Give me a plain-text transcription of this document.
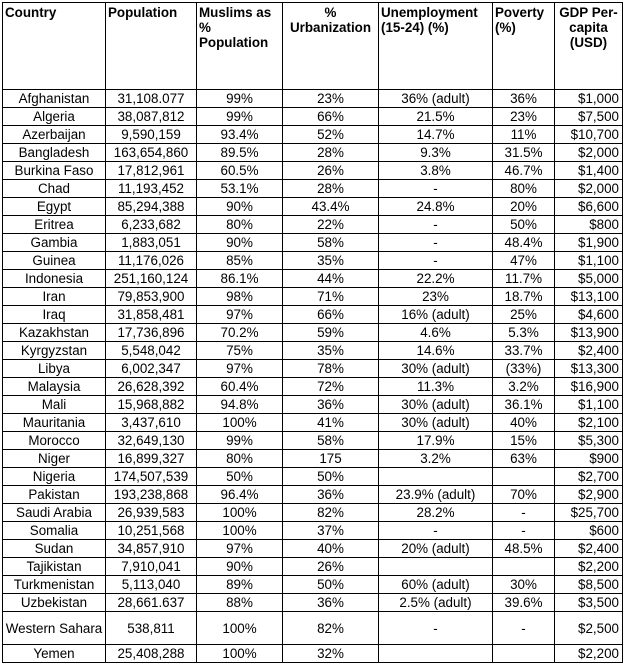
Country	Population	Muslims as % Population	% Urbanization	Unemployment (15-24) (%)	Poverty (%)	GDP Per-capita (USD)
Afghanistan	31,108.077	99%	23%	36% (adult)	36%	$1,000
Algeria	38,087,812	99%	66%	21.5%	23%	$7,500
Azerbaijan	9,590,159	93.4%	52%	14.7%	11%	$10,700
Bangladesh	163,654,860	89.5%	28%	9.3%	31.5%	$2,000
Burkina Faso	17,812,961	60.5%	26%	3.8%	46.7%	$1,400
Chad	11,193,452	53.1%	28%	-	80%	$2,000
Egypt	85,294,388	90%	43.4%	24.8%	20%	$6,600
Eritrea	6,233,682	80%	22%	-	50%	$800
Gambia	1,883,051	90%	58%	-	48.4%	$1,900
Guinea	11,176,026	85%	35%	-	47%	$1,100
Indonesia	251,160,124	86.1%	44%	22.2%	11.7%	$5,000
Iran	79,853,900	98%	71%	23%	18.7%	$13,100
Iraq	31,858,481	97%	66%	16% (adult)	25%	$4,600
Kazakhstan	17,736,896	70.2%	59%	4.6%	5.3%	$13,900
Kyrgyzstan	5,548,042	75%	35%	14.6%	33.7%	$2,400
Libya	6,002,347	97%	78%	30% (adult)	(33%)	$13,300
Malaysia	26,628,392	60.4%	72%	11.3%	3.2%	$16,900
Mali	15,968,882	94.8%	36%	30% (adult)	36.1%	$1,100
Mauritania	3,437,610	100%	41%	30% (adult)	40%	$2,100
Morocco	32,649,130	99%	58%	17.9%	15%	$5,300
Niger	16,899,327	80%	175	3.2%	63%	$900
Nigeria	174,507,539	50%	50%			$2,700
Pakistan	193,238,868	96.4%	36%	23.9% (adult)	70%	$2,900
Saudi Arabia	26,939,583	100%	82%	28.2%	-	$25,700
Somalia	10,251,568	100%	37%	-	-	$600
Sudan	34,857,910	97%	40%	20% (adult)	48.5%	$2,400
Tajikistan	7,910,041	90%	26%			$2,200
Turkmenistan	5,113,040	89%	50%	60% (adult)	30%	$8,500
Uzbekistan	28,661.637	88%	36%	2.5% (adult)	39.6%	$3,500
Western Sahara	538,811	100%	82%	-	-	$2,500
Yemen	25,408,288	100%	32%			$2,200
